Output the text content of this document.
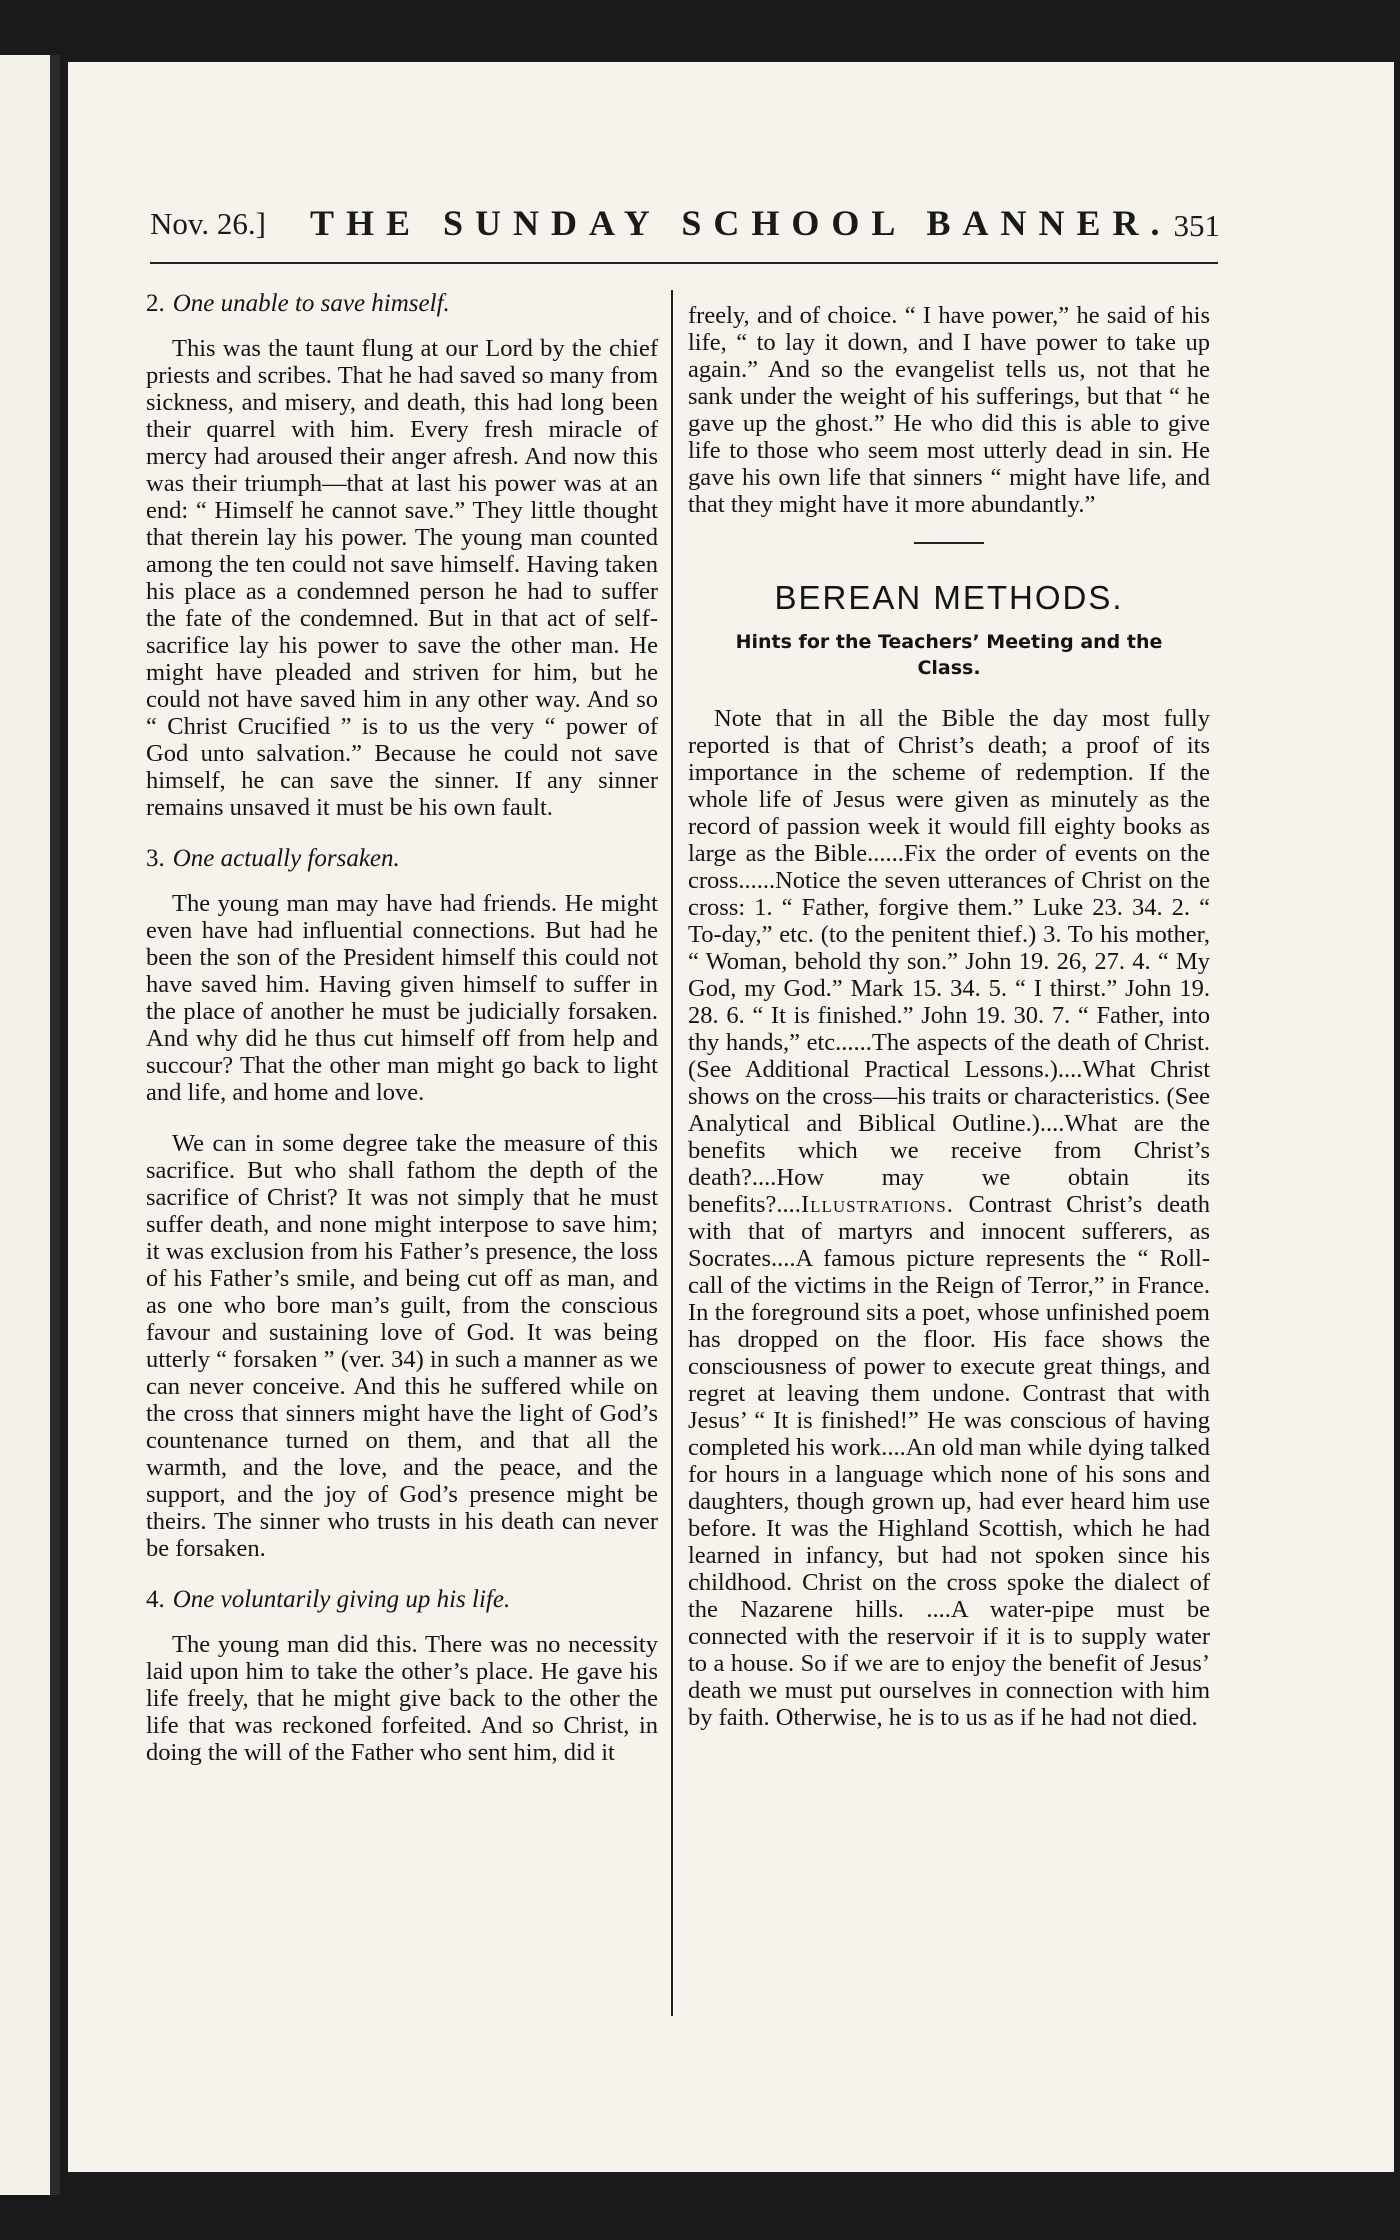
Nov. 26.] THE SUNDAY SCHOOL BANNER. 351
2. One unable to save himself.

This was the taunt flung at our Lord by the chief priests and scribes. That he had saved so many from sickness, and misery, and death, this had long been their quarrel with him. Every fresh miracle of mercy had aroused their anger afresh. And now this was their triumph—that at last his power was at an end: “ Himself he cannot save.” They little thought that therein lay his power. The young man counted among the ten could not save himself. Having taken his place as a condemned person he had to suffer the fate of the condemned. But in that act of self-sacrifice lay his power to save the other man. He might have pleaded and striven for him, but he could not have saved him in any other way. And so “ Christ Crucified ” is to us the very “ power of God unto salvation.” Because he could not save himself, he can save the sinner. If any sinner remains unsaved it must be his own fault.

3. One actually forsaken.

The young man may have had friends. He might even have had influential connections. But had he been the son of the President himself this could not have saved him. Having given himself to suffer in the place of another he must be judicially forsaken. And why did he thus cut himself off from help and succour? That the other man might go back to light and life, and home and love.

We can in some degree take the measure of this sacrifice. But who shall fathom the depth of the sacrifice of Christ? It was not simply that he must suffer death, and none might interpose to save him; it was exclusion from his Father’s presence, the loss of his Father’s smile, and being cut off as man, and as one who bore man’s guilt, from the conscious favour and sustaining love of God. It was being utterly “ forsaken ” (ver. 34) in such a manner as we can never conceive. And this he suffered while on the cross that sinners might have the light of God’s countenance turned on them, and that all the warmth, and the love, and the peace, and the support, and the joy of God’s presence might be theirs. The sinner who trusts in his death can never be forsaken.

4. One voluntarily giving up his life.

The young man did this. There was no necessity laid upon him to take the other’s place. He gave his life freely, that he might give back to the other the life that was reckoned forfeited. And so Christ, in doing the will of the Father who sent him, did it

freely, and of choice. “ I have power,” he said of his life, “ to lay it down, and I have power to take up again.” And so the evangelist tells us, not that he sank under the weight of his sufferings, but that “ he gave up the ghost.” He who did this is able to give life to those who seem most utterly dead in sin. He gave his own life that sinners “ might have life, and that they might have it more abundantly.”

BEREAN METHODS.
Hints for the Teachers’ Meeting and the Class.

Note that in all the Bible the day most fully reported is that of Christ’s death; a proof of its importance in the scheme of redemption. If the whole life of Jesus were given as minutely as the record of passion week it would fill eighty books as large as the Bible......Fix the order of events on the cross......Notice the seven utterances of Christ on the cross: 1. “ Father, forgive them.” Luke 23. 34. 2. “ To-day,” etc. (to the penitent thief.) 3. To his mother, “ Woman, behold thy son.” John 19. 26, 27. 4. “ My God, my God.” Mark 15. 34. 5. “ I thirst.” John 19. 28. 6. “ It is finished.” John 19. 30. 7. “ Father, into thy hands,” etc......The aspects of the death of Christ. (See Additional Practical Lessons.)....What Christ shows on the cross—his traits or characteristics. (See Analytical and Biblical Outline.)....What are the benefits which we receive from Christ’s death?....How may we obtain its benefits?....Illustrations. Contrast Christ’s death with that of martyrs and innocent sufferers, as Socrates....A famous picture represents the “ Roll-call of the victims in the Reign of Terror,” in France. In the foreground sits a poet, whose unfinished poem has dropped on the floor. His face shows the consciousness of power to execute great things, and regret at leaving them undone. Contrast that with Jesus’ “ It is finished!” He was conscious of having completed his work....An old man while dying talked for hours in a language which none of his sons and daughters, though grown up, had ever heard him use before. It was the Highland Scottish, which he had learned in infancy, but had not spoken since his childhood. Christ on the cross spoke the dialect of the Nazarene hills. ....A water-pipe must be connected with the reservoir if it is to supply water to a house. So if we are to enjoy the benefit of Jesus’ death we must put ourselves in connection with him by faith. Otherwise, he is to us as if he had not died.
